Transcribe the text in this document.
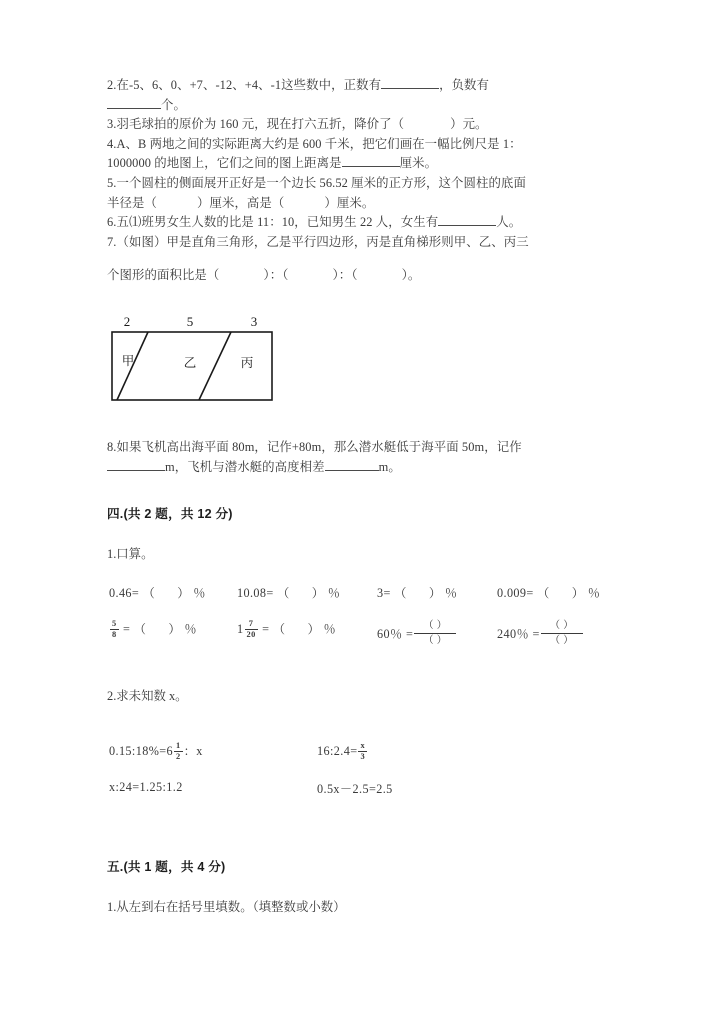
2.在-5、6、0、+7、-12、+4、-1这些数中，正数有	，负数有
个。

3.羽毛球拍的原价为 160 元，现在打六五折，降价了（	）元。

4.A、B 两地之间的实际距离大约是 600 千米，把它们画在一幅比例尺是 1：
1000000 的地图上，它们之间的图上距离是	厘米。

5.一个圆柱的侧面展开正好是一个边长 56.52 厘米的正方形，这个圆柱的底面
半径是（	）厘米，高是（	）厘米。

6.五⑴班男女生人数的比是 11：10，已知男生 22 人，女生有	人。

7.（如图）甲是直角三角形，乙是平行四边形，丙是直角梯形则甲、乙、丙三

个图形的面积比是（	）：（	）：（	）。

2	5	3
甲	乙	丙

8.如果飞机高出海平面 80m，记作+80m，那么潜水艇低于海平面 50m，记作
m，飞机与潜水艇的高度相差	m。

四.(共 2 题，共 12 分)

1.口算。

0.46= （ ） ％	10.08= （ ） ％	3= （ ） ％	0.009= （ ） ％
$\frac{5}{8}$ = （ ） ％	$1 \frac{7}{20}$ = （ ） ％	60％ = $\frac{( )}{( )}$	240％ = $\frac{( )}{( )}$

2.求未知数 x。

0.15:18%=6 $\frac{1}{2}$ ：x	16:2.4= $\frac{x}{3}$
x:24=1.25:1.2	0.5x－2.5=2.5

五.(共 1 题，共 4 分)

1.从左到右在括号里填数。（填整数或小数）
